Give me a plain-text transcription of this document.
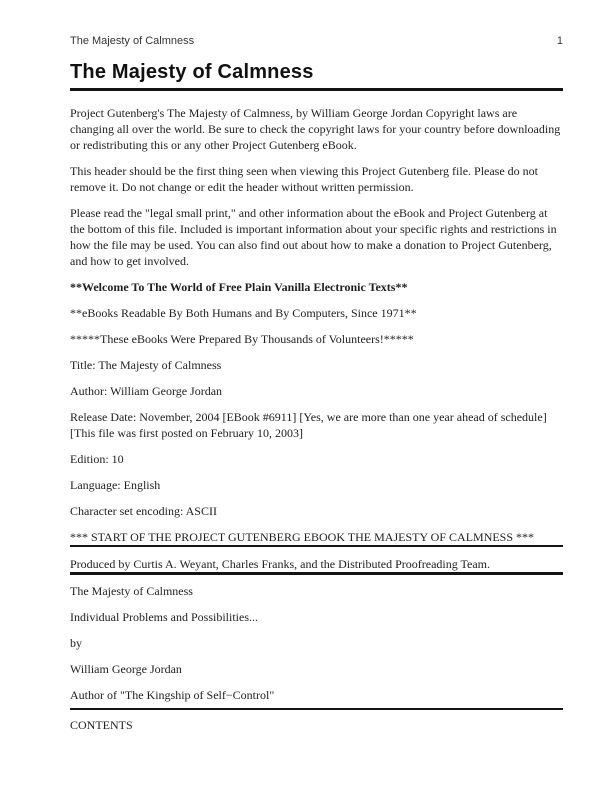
The Majesty of Calmness	1
The Majesty of Calmness

Project Gutenberg's The Majesty of Calmness, by William George Jordan Copyright laws are changing all over the world. Be sure to check the copyright laws for your country before downloading or redistributing this or any other Project Gutenberg eBook.

This header should be the first thing seen when viewing this Project Gutenberg file. Please do not remove it. Do not change or edit the header without written permission.

Please read the "legal small print," and other information about the eBook and Project Gutenberg at the bottom of this file. Included is important information about your specific rights and restrictions in how the file may be used. You can also find out about how to make a donation to Project Gutenberg, and how to get involved.

**Welcome To The World of Free Plain Vanilla Electronic Texts**

**eBooks Readable By Both Humans and By Computers, Since 1971**

*****These eBooks Were Prepared By Thousands of Volunteers!*****

Title: The Majesty of Calmness

Author: William George Jordan

Release Date: November, 2004 [EBook #6911] [Yes, we are more than one year ahead of schedule] [This file was first posted on February 10, 2003]

Edition: 10

Language: English

Character set encoding: ASCII

*** START OF THE PROJECT GUTENBERG EBOOK THE MAJESTY OF CALMNESS ***

Produced by Curtis A. Weyant, Charles Franks, and the Distributed Proofreading Team.

The Majesty of Calmness

Individual Problems and Possibilities...

by

William George Jordan

Author of "The Kingship of Self−Control"

CONTENTS
